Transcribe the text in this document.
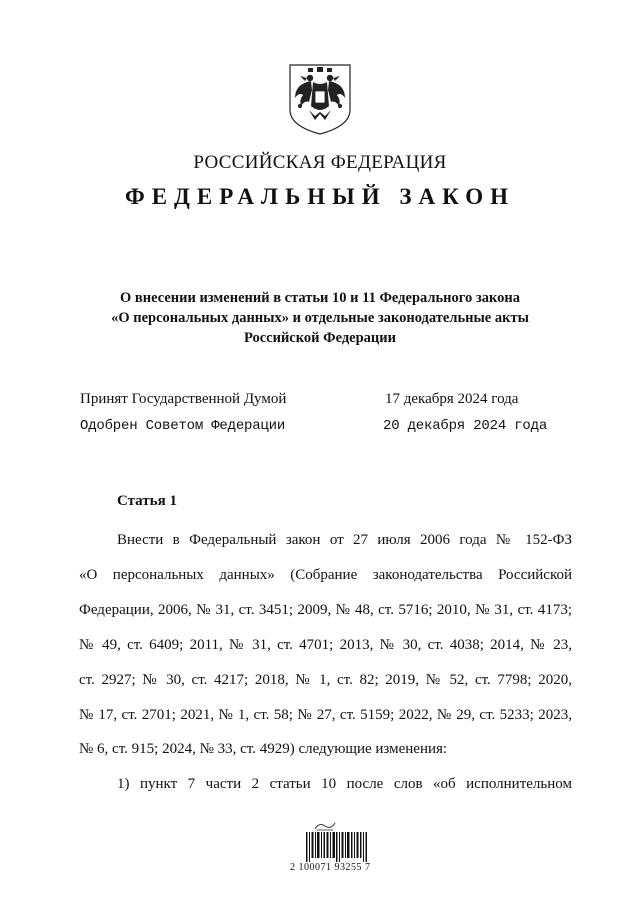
РОССИЙСКАЯ ФЕДЕРАЦИЯ
ФЕДЕРАЛЬНЫЙ ЗАКОН
О внесении изменений в статьи 10 и 11 Федерального закона
«О персональных данных» и отдельные законодательные акты
Российской Федерации
Принят Государственной Думой	17 декабря 2024 года
Одобрен Советом Федерации	20 декабря 2024 года
Статья 1
Внести в Федеральный закон от 27 июля 2006 года № 152-ФЗ
«О персональных данных» (Собрание законодательства Российской
Федерации, 2006, № 31, ст. 3451; 2009, № 48, ст. 5716; 2010, № 31, ст. 4173;
№ 49, ст. 6409; 2011, № 31, ст. 4701; 2013, № 30, ст. 4038; 2014, № 23,
ст. 2927; № 30, ст. 4217; 2018, № 1, ст. 82; 2019, № 52, ст. 7798; 2020,
№ 17, ст. 2701; 2021, № 1, ст. 58; № 27, ст. 5159; 2022, № 29, ст. 5233; 2023,
№ 6, ст. 915; 2024, № 33, ст. 4929) следующие изменения:
1) пункт 7 части 2 статьи 10 после слов «об исполнительном
2 100071 93255 7
